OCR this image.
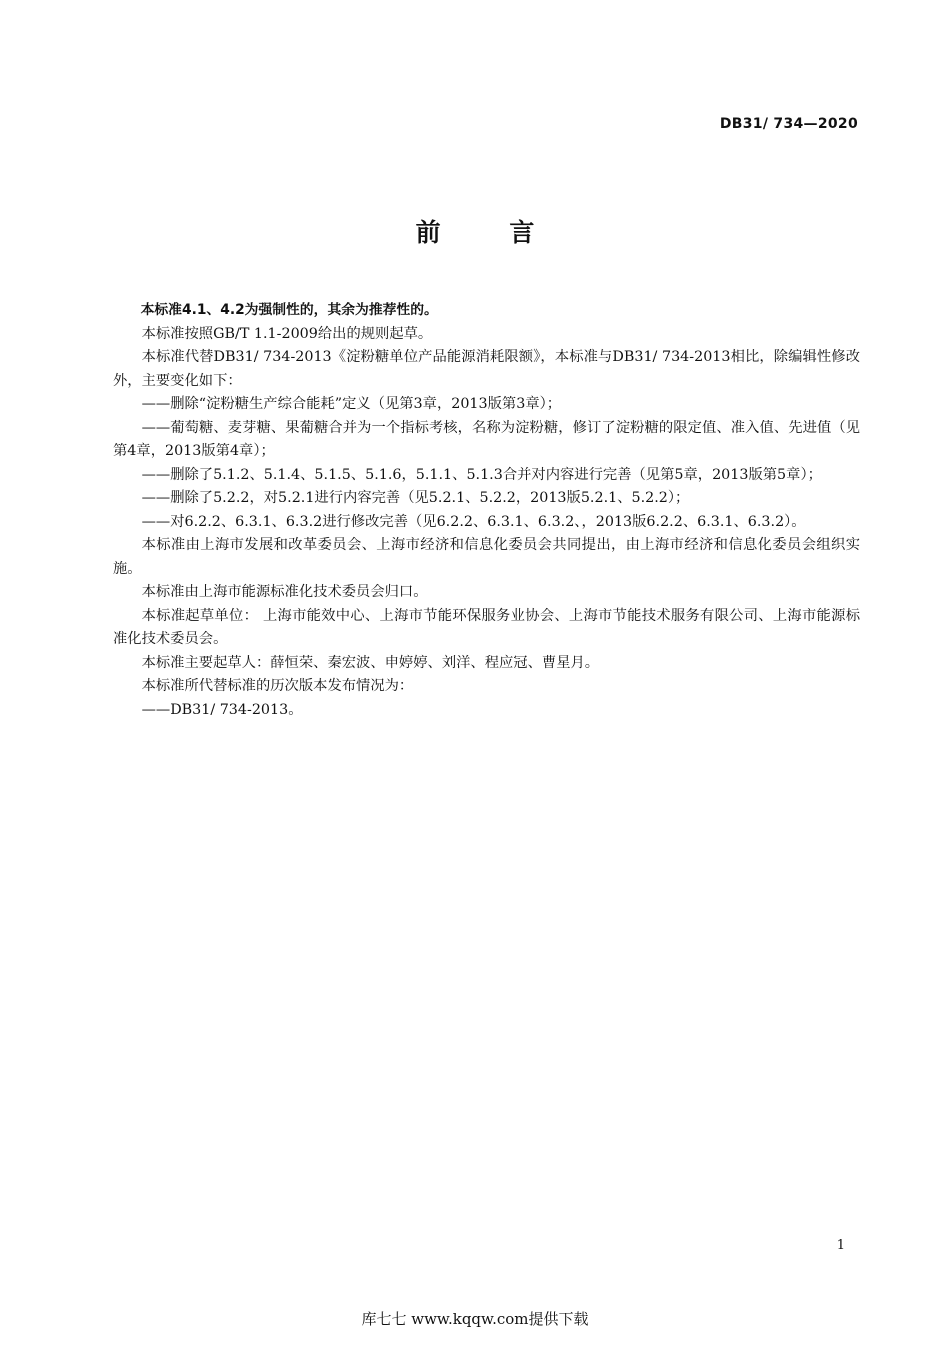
DB31/ 734—2020
前 言

本标准4.1、4.2为强制性的，其余为推荐性的。

本标准按照GB/T 1.1-2009给出的规则起草。

本标准代替DB31/ 734-2013《淀粉糖单位产品能源消耗限额》，本标准与DB31/ 734-2013相比，除编辑性修改外，主要变化如下：

——删除“淀粉糖生产综合能耗”定义（见第3章，2013版第3章）；

——葡萄糖、麦芽糖、果葡糖合并为一个指标考核，名称为淀粉糖，修订了淀粉糖的限定值、准入值、先进值（见第4章，2013版第4章）；

——删除了5.1.2、5.1.4、5.1.5、5.1.6，5.1.1、5.1.3合并对内容进行完善（见第5章，2013版第5章）；

——删除了5.2.2，对5.2.1进行内容完善（见5.2.1、5.2.2，2013版5.2.1、5.2.2）；

——对6.2.2、6.3.1、6.3.2进行修改完善（见6.2.2、6.3.1、6.3.2、，2013版6.2.2、6.3.1、6.3.2）。

本标准由上海市发展和改革委员会、上海市经济和信息化委员会共同提出，由上海市经济和信息化委员会组织实施。

本标准由上海市能源标准化技术委员会归口。

本标准起草单位： 上海市能效中心、上海市节能环保服务业协会、上海市节能技术服务有限公司、上海市能源标准化技术委员会。

本标准主要起草人：薛恒荣、秦宏波、申婷婷、刘洋、程应冠、曹星月。

本标准所代替标准的历次版本发布情况为：

——DB31/ 734-2013。

1
库七七 www.kqqw.com提供下载
